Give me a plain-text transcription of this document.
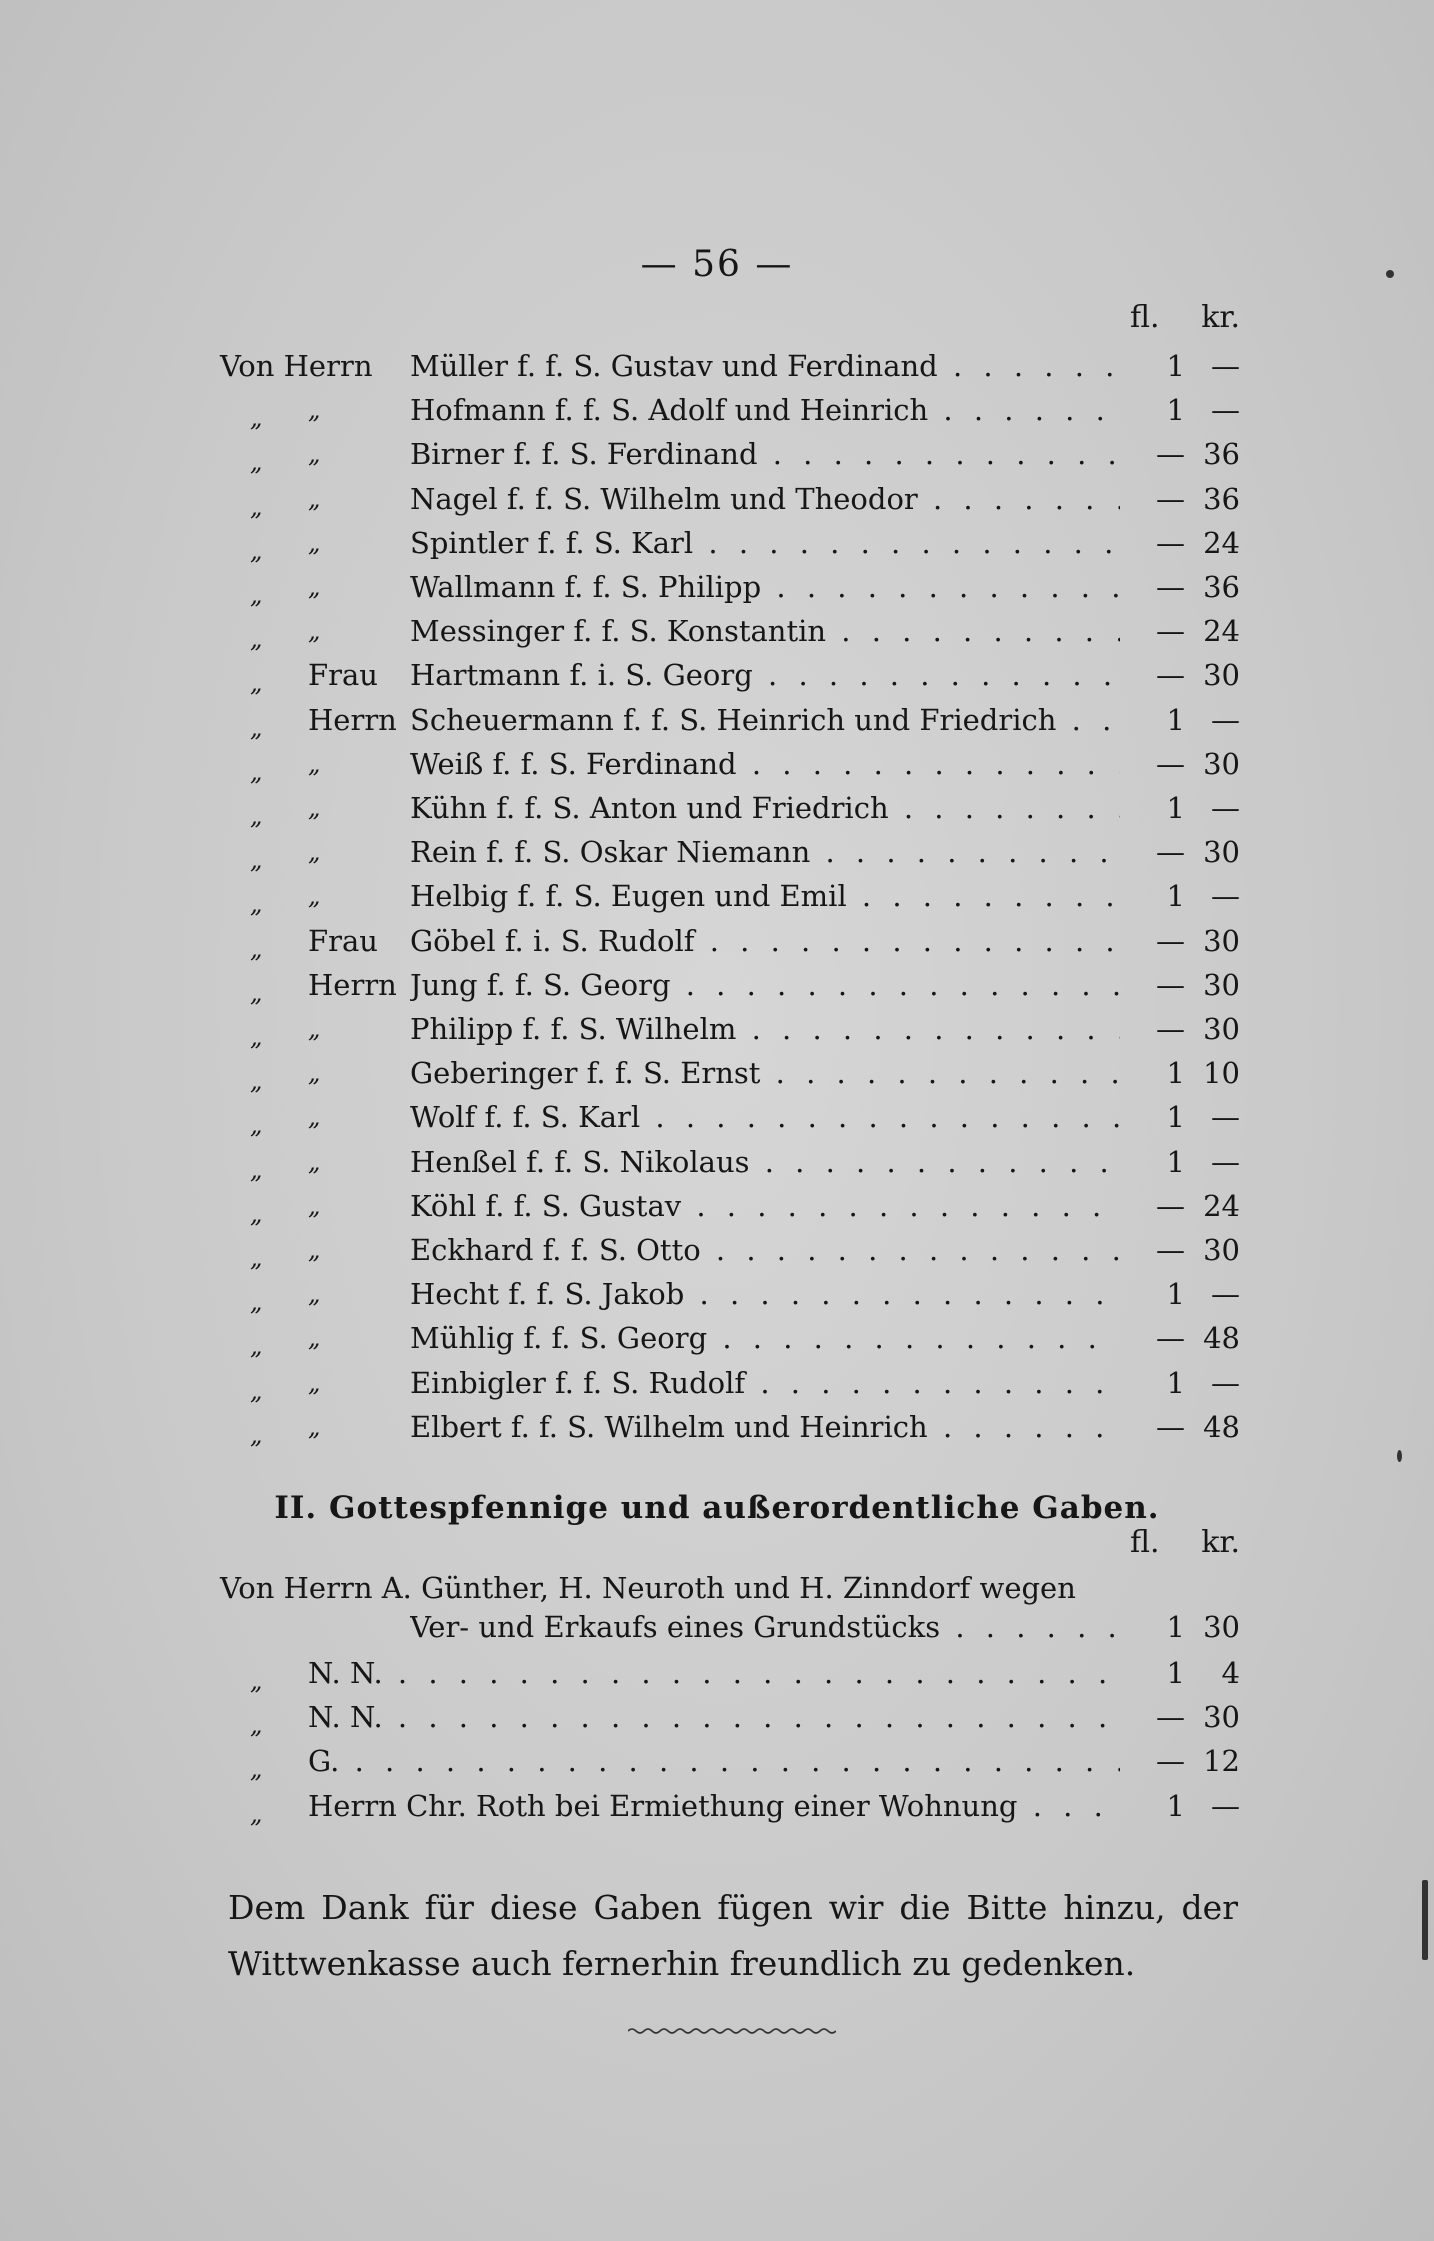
— 56 —
fl. kr.
Von Herrn Müller f. f. S. Gustav und Ferdinand . . .	1 —
„ „	Hofmann f. f. S. Adolf und Heinrich . . .	1 —
„ „	Birner f. f. S. Ferdinand . . .	— 36
„ „	Nagel f. f. S. Wilhelm und Theodor . . .	— 36
„ „	Spintler f. f. S. Karl . . .	— 24
„ „	Wallmann f. f. S. Philipp . . .	— 36
„ „	Messinger f. f. S. Konstantin . . .	— 24
„ Frau Hartmann f. i. S. Georg . . .	— 30
„ Herrn Scheuermann f. f. S. Heinrich und Friedrich . . .	1 —
„ „	Weiß f. f. S. Ferdinand . . .	— 30
„ „	Kühn f. f. S. Anton und Friedrich . . .	1 —
„ „	Rein f. f. S. Oskar Niemann . . .	— 30
„ „	Helbig f. f. S. Eugen und Emil . . .	1 —
„ Frau Göbel f. i. S. Rudolf . . .	— 30
„ Herrn Jung f. f. S. Georg . . .	— 30
„ „	Philipp f. f. S. Wilhelm . . .	— 30
„ „	Geberinger f. f. S. Ernst . . .	1 10
„ „	Wolf f. f. S. Karl . . .	1 —
„ „	Henßel f. f. S. Nikolaus . . .	1 —
„ „	Köhl f. f. S. Gustav . . .	— 24
„ „	Eckhard f. f. S. Otto . . .	— 30
„ „	Hecht f. f. S. Jakob . . .	1 —
„ „	Mühlig f. f. S. Georg . . .	— 48
„ „	Einbigler f. f. S. Rudolf . . .	1 —
„ „	Elbert f. f. S. Wilhelm und Heinrich . . .	— 48
II. Gottespfennige und außerordentliche Gaben.
fl. kr.
Von Herrn A. Günther, H. Neuroth und H. Zinndorf wegen
Ver- und Erkaufs eines Grundstücks . . .	1 30
„ N. N. . . .	1	4
„ N. N. . . .	— 30
„ G. . . .	— 12
„ Herrn Chr. Roth bei Ermiethung einer Wohnung . . .	1 —
Dem Dank für diese Gaben fügen wir die Bitte hinzu, der Wittwenkasse auch fernerhin freundlich zu gedenken.
